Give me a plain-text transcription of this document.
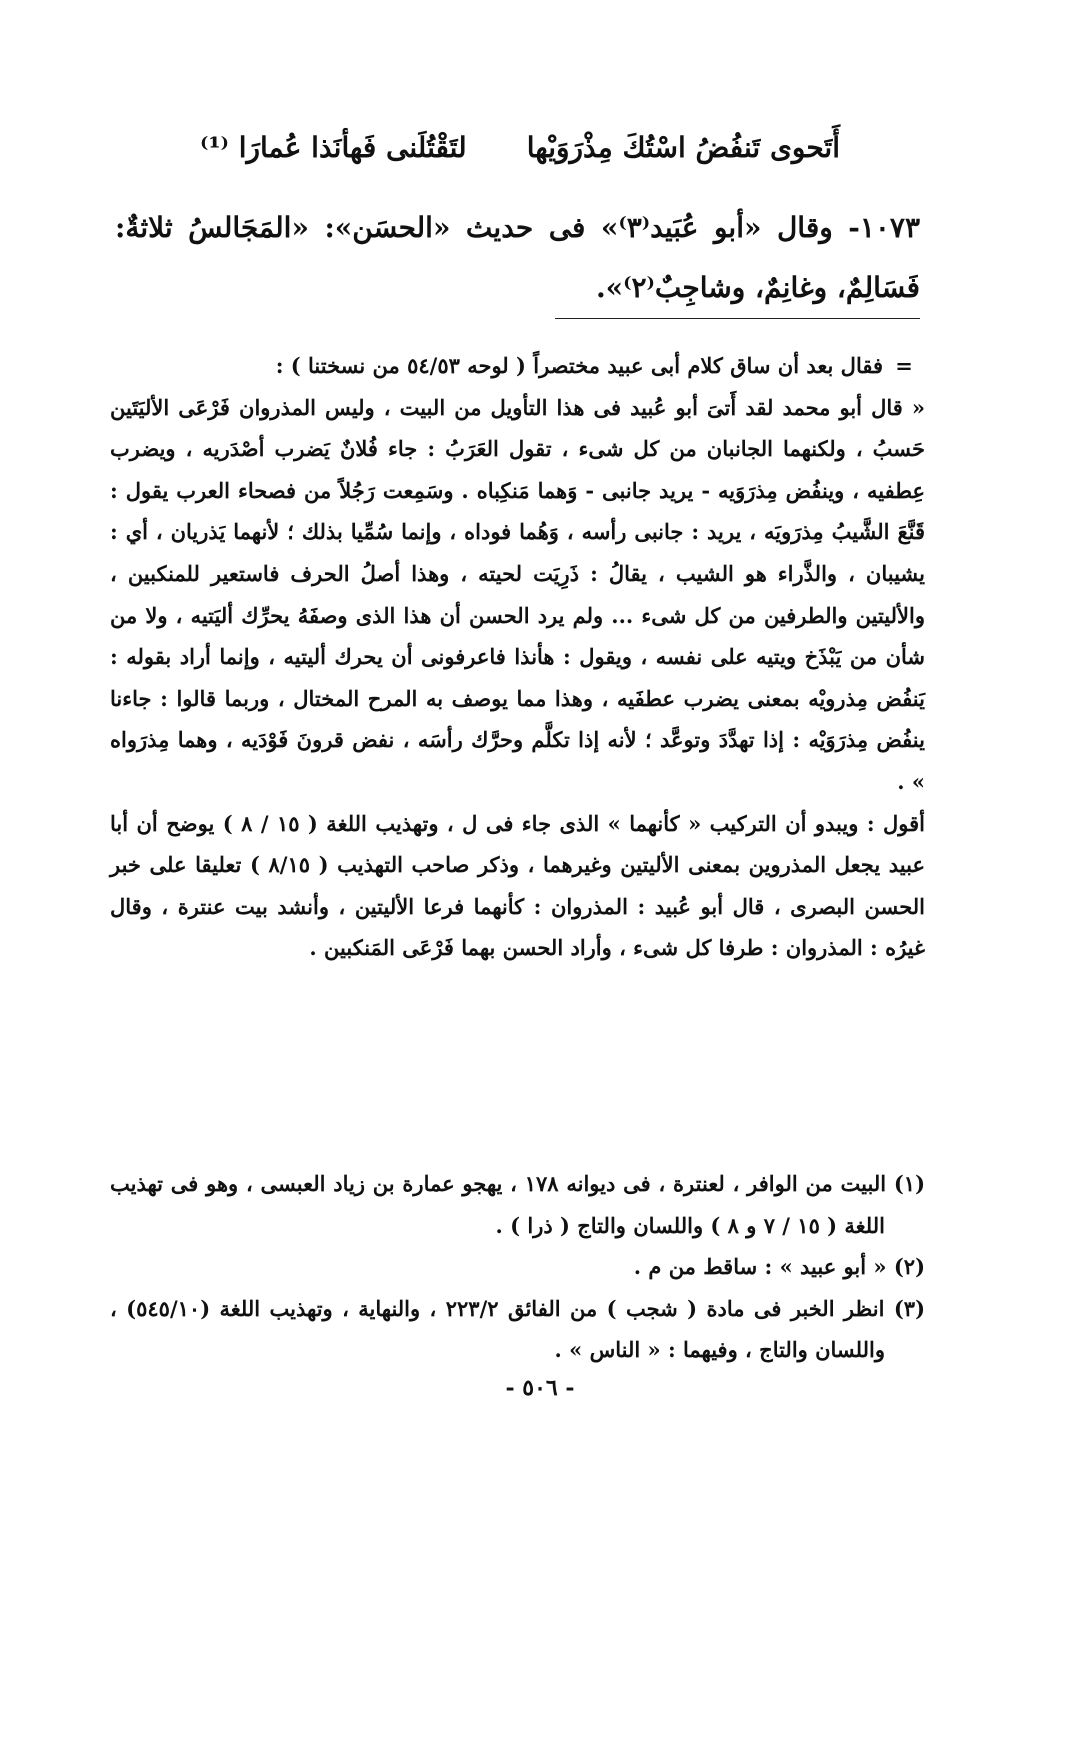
أَتَحوى تَنفُضُ اسْتُكَ مِذْرَوَيْها
لتَقْتُلَنى فَهأنَذا عُمارَا ⁽¹⁾
١٠٧٣- وقال «أبو عُبَيد⁽٣⁾» فى حديث «الحسَن»: «المَجَالسُ ثلاثةٌ: فَسَالِمٌ، وغانِمٌ، وشاجِبٌ⁽٢⁾».

=
فقال بعد أن ساق كلام أبى عبيد مختصراً ( لوحه ٥٤/٥٣ من نسختنا ) :

« قال أبو محمد لقد أَتىَ أبو عُبيد فى هذا التأويل من البيت ، وليس المذروان فَرْعَى الأليَتَين حَسبُ ، ولكنهما الجانبان من كل شىء ، تقول العَرَبُ : جاء فُلانٌ يَضرب أصْدَريه ، ويضرب عِطفيه ، وينفُض مِذرَوَيه - يريد جانبى - وَهما مَنكِباه . وسَمِعت رَجُلاً من فصحاء العرب يقول : قَنَّعَ الشَّيبُ مِذرَويَه ، يريد : جانبى رأسه ، وَهُما فوداه ، وإنما سُمِّيا بذلك ؛ لأنهما يَذريان ، أي : يشيبان ، والذَّراء هو الشيب ، يقالُ : ذَرِيَت لحيته ، وهذا أصلُ الحرف فاستعير للمنكبين ، والأليتين والطرفين من كل شىء ... ولم يرد الحسن أن هذا الذى وصفَهُ يحرِّك أليَتيه ، ولا من شأن من يَبْذَخ ويتيه على نفسه ، ويقول : هأنذا فاعرفونى أن يحرك أليتيه ، وإنما أراد بقوله : يَنفُض مِذرويْه بمعنى يضرب عطفَيه ، وهذا مما يوصف به المرح المختال ، وربما قالوا : جاءنا ينفُض مِذرَوَيْه : إذا تهدَّدَ وتوعَّد ؛ لأنه إذا تكلَّم وحرَّك رأسَه ، نفض قرونَ فَوْدَيه ، وهما مِذرَواه » .

أقول : ويبدو أن التركيب « كأنهما » الذى جاء فى ل ، وتهذيب اللغة ( ١٥ / ٨ ) يوضح أن أبا عبيد يجعل المذروين بمعنى الأليتين وغيرهما ، وذكر صاحب التهذيب ( ٨/١٥ ) تعليقا على خبر الحسن البصرى ، قال أبو عُبيد : المذروان : كأنهما فرعا الأليتين ، وأنشد بيت عنترة ، وقال غيرُه : المذروان : طرفا كل شىء ، وأراد الحسن بهما فَرْعَى المَنكبين .

(١) البيت من الوافر ، لعنترة ، فى ديوانه ١٧٨ ، يهجو عمارة بن زياد العبسى ، وهو فى تهذيب اللغة ( ١٥ / ٧ و ٨ ) واللسان والتاج ( ذرا ) .

(٢) « أبو عبيد » : ساقط من م .

(٣) انظر الخبر فى مادة ( شجب ) من الفائق ٢٢٣/٢ ، والنهاية ، وتهذيب اللغة (٥٤٥/١٠) ، واللسان والتاج ، وفيهما : « الناس » .

- ٥٠٦ -
